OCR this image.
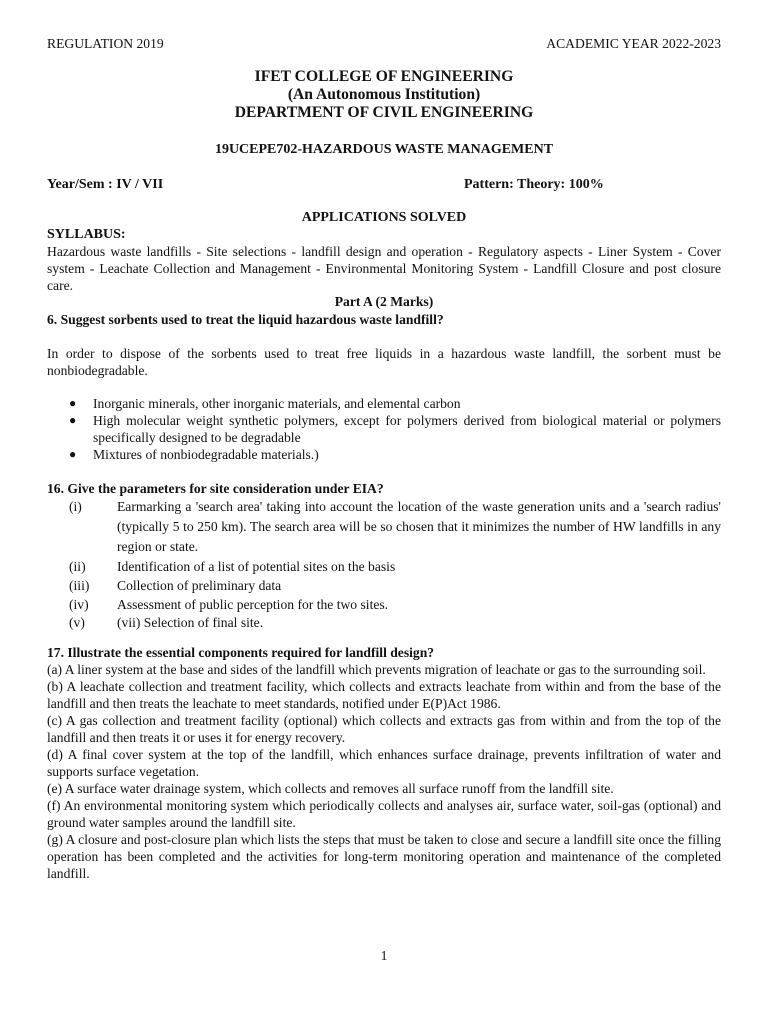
REGULATION 2019	ACADEMIC YEAR 2022-2023
IFET COLLEGE OF ENGINEERING
(An Autonomous Institution)
DEPARTMENT OF CIVIL ENGINEERING
19UCEPE702-HAZARDOUS WASTE MANAGEMENT
Year/Sem : IV / VII	Pattern: Theory: 100%
APPLICATIONS SOLVED
SYLLABUS:
Hazardous waste landfills - Site selections - landfill design and operation - Regulatory aspects - Liner System - Cover system - Leachate Collection and Management - Environmental Monitoring System - Landfill Closure and post closure care.
Part A (2 Marks)
6. Suggest sorbents used to treat the liquid hazardous waste landfill?
In order to dispose of the sorbents used to treat free liquids in a hazardous waste landfill, the sorbent must be nonbiodegradable.
● Inorganic minerals, other inorganic materials, and elemental carbon
● High molecular weight synthetic polymers, except for polymers derived from biological material or polymers specifically designed to be degradable
● Mixtures of nonbiodegradable materials.)
16. Give the parameters for site consideration under EIA?
(i)	Earmarking a 'search area' taking into account the location of the waste generation units and a 'search radius' (typically 5 to 250 km). The search area will be so chosen that it minimizes the number of HW landfills in any region or state.
(ii) Identification of a list of potential sites on the basis
(iii) Collection of preliminary data
(iv) Assessment of public perception for the two sites.
(v) (vii) Selection of final site.
17. Illustrate the essential components required for landfill design?
(a) A liner system at the base and sides of the landfill which prevents migration of leachate or gas to the surrounding soil.
(b) A leachate collection and treatment facility, which collects and extracts leachate from within and from the base of the landfill and then treats the leachate to meet standards, notified under E(P)Act 1986.
(c) A gas collection and treatment facility (optional) which collects and extracts gas from within and from the top of the landfill and then treats it or uses it for energy recovery.
(d) A final cover system at the top of the landfill, which enhances surface drainage, prevents infiltration of water and supports surface vegetation.
(e) A surface water drainage system, which collects and removes all surface runoff from the landfill site.
(f) An environmental monitoring system which periodically collects and analyses air, surface water, soil-gas (optional) and ground water samples around the landfill site.
(g) A closure and post-closure plan which lists the steps that must be taken to close and secure a landfill site once the filling operation has been completed and the activities for long-term monitoring operation and maintenance of the completed landfill.
1
